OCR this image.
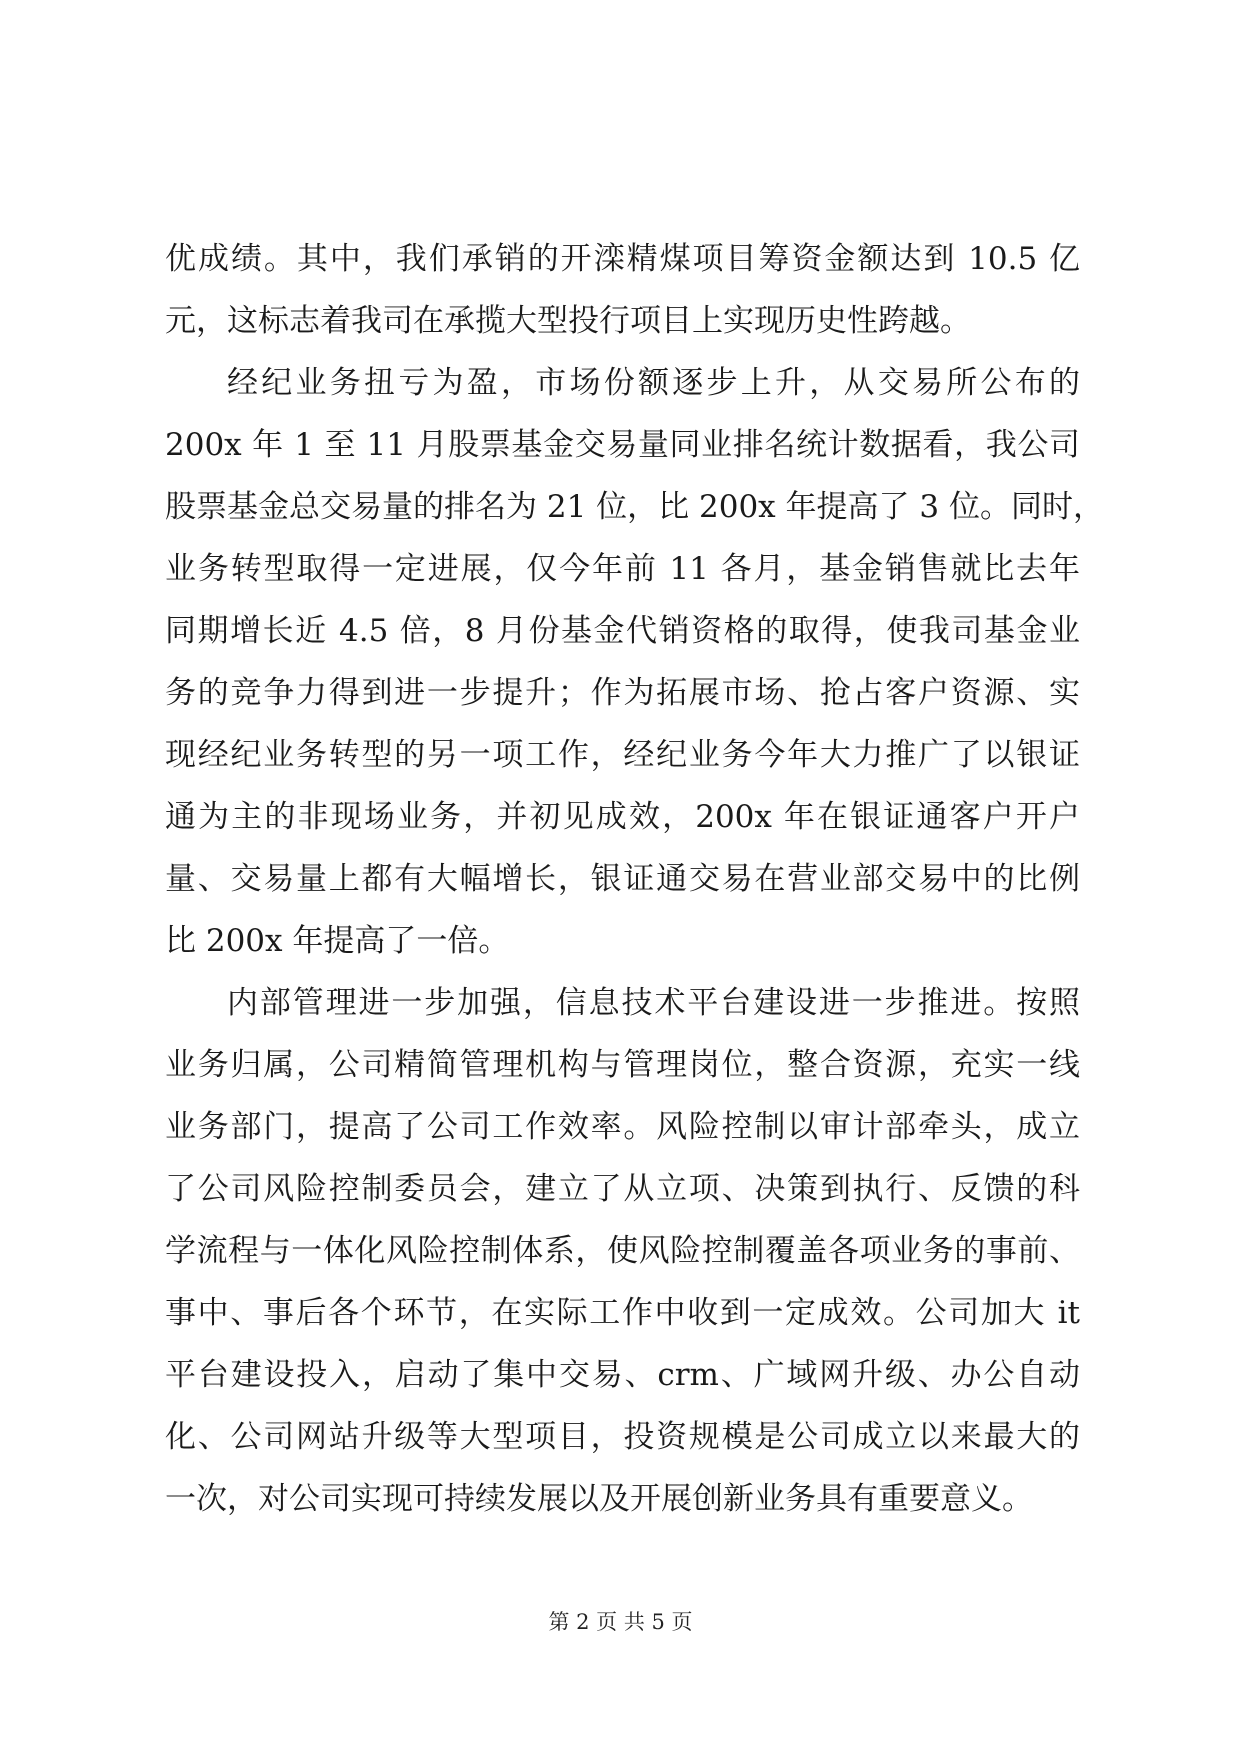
优成绩。其中，我们承销的开滦精煤项目筹资金额达到 10.5 亿
元，这标志着我司在承揽大型投行项目上实现历史性跨越。
经纪业务扭亏为盈，市场份额逐步上升，从交易所公布的
200x 年 1 至 11 月股票基金交易量同业排名统计数据看，我公司
股票基金总交易量的排名为 21 位，比 200x 年提高了 3 位。同时，
业务转型取得一定进展，仅今年前 11 各月，基金销售就比去年
同期增长近 4.5 倍，8 月份基金代销资格的取得，使我司基金业
务的竞争力得到进一步提升；作为拓展市场、抢占客户资源、实
现经纪业务转型的另一项工作，经纪业务今年大力推广了以银证
通为主的非现场业务，并初见成效，200x 年在银证通客户开户
量、交易量上都有大幅增长，银证通交易在营业部交易中的比例
比 200x 年提高了一倍。
内部管理进一步加强，信息技术平台建设进一步推进。按照
业务归属，公司精简管理机构与管理岗位，整合资源，充实一线
业务部门，提高了公司工作效率。风险控制以审计部牵头，成立
了公司风险控制委员会，建立了从立项、决策到执行、反馈的科
学流程与一体化风险控制体系，使风险控制覆盖各项业务的事前、
事中、事后各个环节，在实际工作中收到一定成效。公司加大 it
平台建设投入，启动了集中交易、crm、广域网升级、办公自动
化、公司网站升级等大型项目，投资规模是公司成立以来最大的
一次，对公司实现可持续发展以及开展创新业务具有重要意义。
第 2 页 共 5 页
